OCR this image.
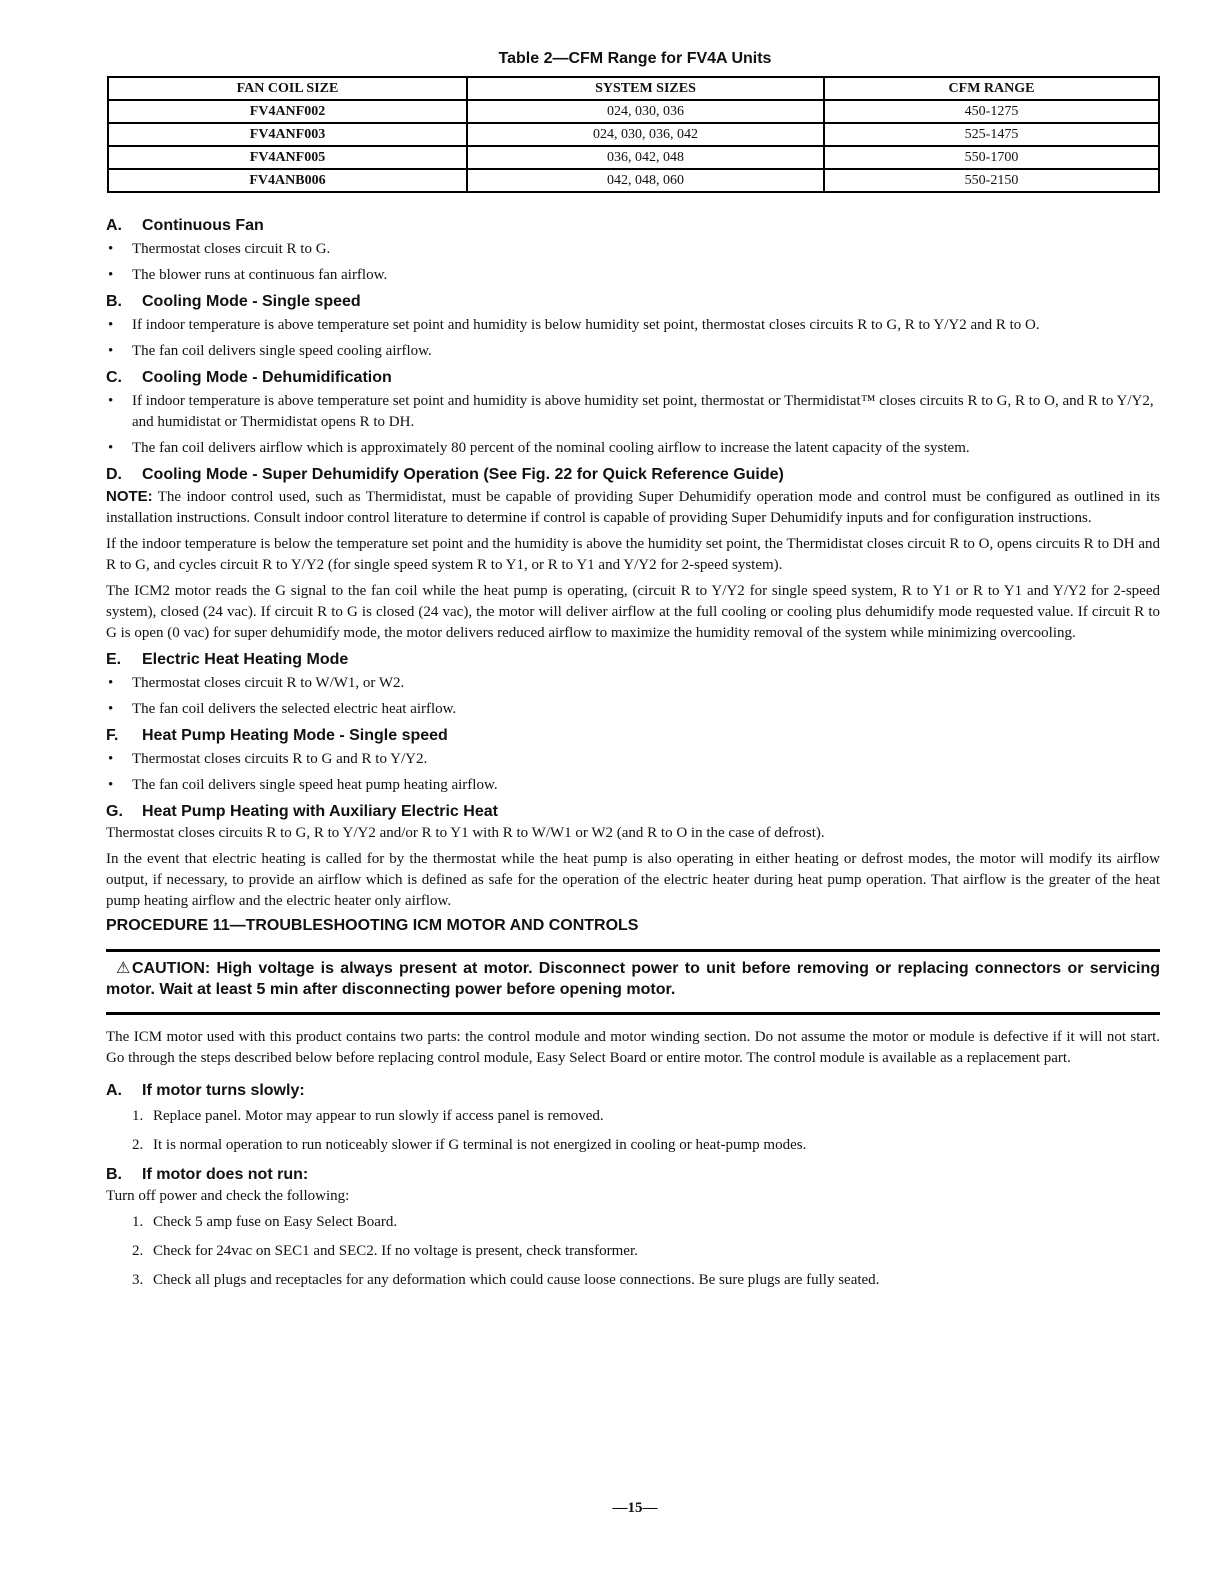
Table 2—CFM Range for FV4A Units
FAN COIL SIZE	SYSTEM SIZES	CFM RANGE
FV4ANF002	024, 030, 036	450-1275
FV4ANF003	024, 030, 036, 042	525-1475
FV4ANF005	036, 042, 048	550-1700
FV4ANB006	042, 048, 060	550-2150
A. Continuous Fan
• Thermostat closes circuit R to G.
• The blower runs at continuous fan airflow.
B. Cooling Mode - Single speed
• If indoor temperature is above temperature set point and humidity is below humidity set point, thermostat closes circuits R to G, R to Y/Y2 and R to O.
• The fan coil delivers single speed cooling airflow.
C. Cooling Mode - Dehumidification
• If indoor temperature is above temperature set point and humidity is above humidity set point, thermostat or Thermidistat™ closes circuits R to G, R to O, and R to Y/Y2, and humidistat or Thermidistat opens R to DH.
• The fan coil delivers airflow which is approximately 80 percent of the nominal cooling airflow to increase the latent capacity of the system.
D. Cooling Mode - Super Dehumidify Operation (See Fig. 22 for Quick Reference Guide)

NOTE: The indoor control used, such as Thermidistat, must be capable of providing Super Dehumidify operation mode and control must be configured as outlined in its installation instructions. Consult indoor control literature to determine if control is capable of providing Super Dehumidify inputs and for configuration instructions.

If the indoor temperature is below the temperature set point and the humidity is above the humidity set point, the Thermidistat closes circuit R to O, opens circuits R to DH and R to G, and cycles circuit R to Y/Y2 (for single speed system R to Y1, or R to Y1 and Y/Y2 for 2-speed system).

The ICM2 motor reads the G signal to the fan coil while the heat pump is operating, (circuit R to Y/Y2 for single speed system, R to Y1 or R to Y1 and Y/Y2 for 2-speed system), closed (24 vac). If circuit R to G is closed (24 vac), the motor will deliver airflow at the full cooling or cooling plus dehumidify mode requested value. If circuit R to G is open (0 vac) for super dehumidify mode, the motor delivers reduced airflow to maximize the humidity removal of the system while minimizing overcooling.

E. Electric Heat Heating Mode
• Thermostat closes circuit R to W/W1, or W2.
• The fan coil delivers the selected electric heat airflow.
F. Heat Pump Heating Mode - Single speed
• Thermostat closes circuits R to G and R to Y/Y2.
• The fan coil delivers single speed heat pump heating airflow.
G. Heat Pump Heating with Auxiliary Electric Heat

Thermostat closes circuits R to G, R to Y/Y2 and/or R to Y1 with R to W/W1 or W2 (and R to O in the case of defrost).

In the event that electric heating is called for by the thermostat while the heat pump is also operating in either heating or defrost modes, the motor will modify its airflow output, if necessary, to provide an airflow which is defined as safe for the operation of the electric heater during heat pump operation. That airflow is the greater of the heat pump heating airflow and the electric heater only airflow.

PROCEDURE 11—TROUBLESHOOTING ICM MOTOR AND CONTROLS
⚠ CAUTION: High voltage is always present at motor. Disconnect power to unit before removing or replacing connectors or servicing motor. Wait at least 5 min after disconnecting power before opening motor.

The ICM motor used with this product contains two parts: the control module and motor winding section. Do not assume the motor or module is defective if it will not start. Go through the steps described below before replacing control module, Easy Select Board or entire motor. The control module is available as a replacement part.

A. If motor turns slowly:
1. Replace panel. Motor may appear to run slowly if access panel is removed.
2. It is normal operation to run noticeably slower if G terminal is not energized in cooling or heat-pump modes.
B. If motor does not run:

Turn off power and check the following:

1. Check 5 amp fuse on Easy Select Board.
2. Check for 24vac on SEC1 and SEC2. If no voltage is present, check transformer.
3. Check all plugs and receptacles for any deformation which could cause loose connections. Be sure plugs are fully seated.
—15—
